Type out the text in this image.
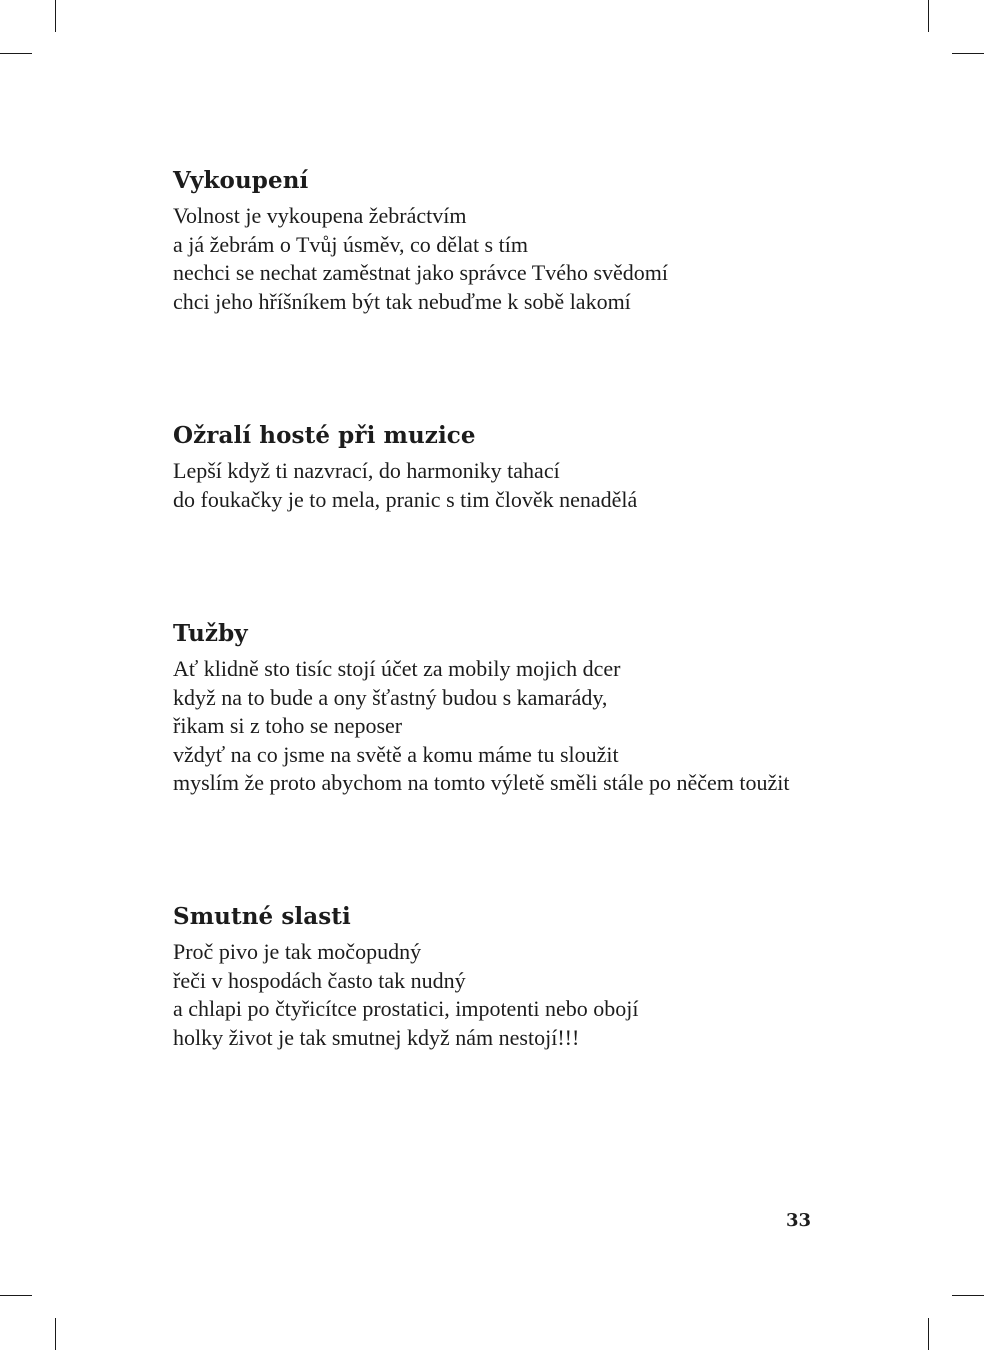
Vykoupení
Volnost je vykoupena žebráctvím
a já žebrám o Tvůj úsměv, co dělat s tím
nechci se nechat zaměstnat jako správce Tvého svědomí
chci jeho hříšníkem být tak nebuďme k sobě lakomí
Ožralí hosté při muzice
Lepší když ti nazvrací, do harmoniky tahací
do foukačky je to mela, pranic s tim člověk nenadělá
Tužby
Ať klidně sto tisíc stojí účet za mobily mojich dcer
když na to bude a ony šťastný budou s kamarády,
řikam si z toho se neposer
vždyť na co jsme na světě a komu máme tu sloužit
myslím že proto abychom na tomto výletě směli stále po něčem toužit
Smutné slasti
Proč pivo je tak močopudný
řeči v hospodách často tak nudný
a chlapi po čtyřicítce prostatici, impotenti nebo obojí
holky život je tak smutnej když nám nestojí!!!
33
